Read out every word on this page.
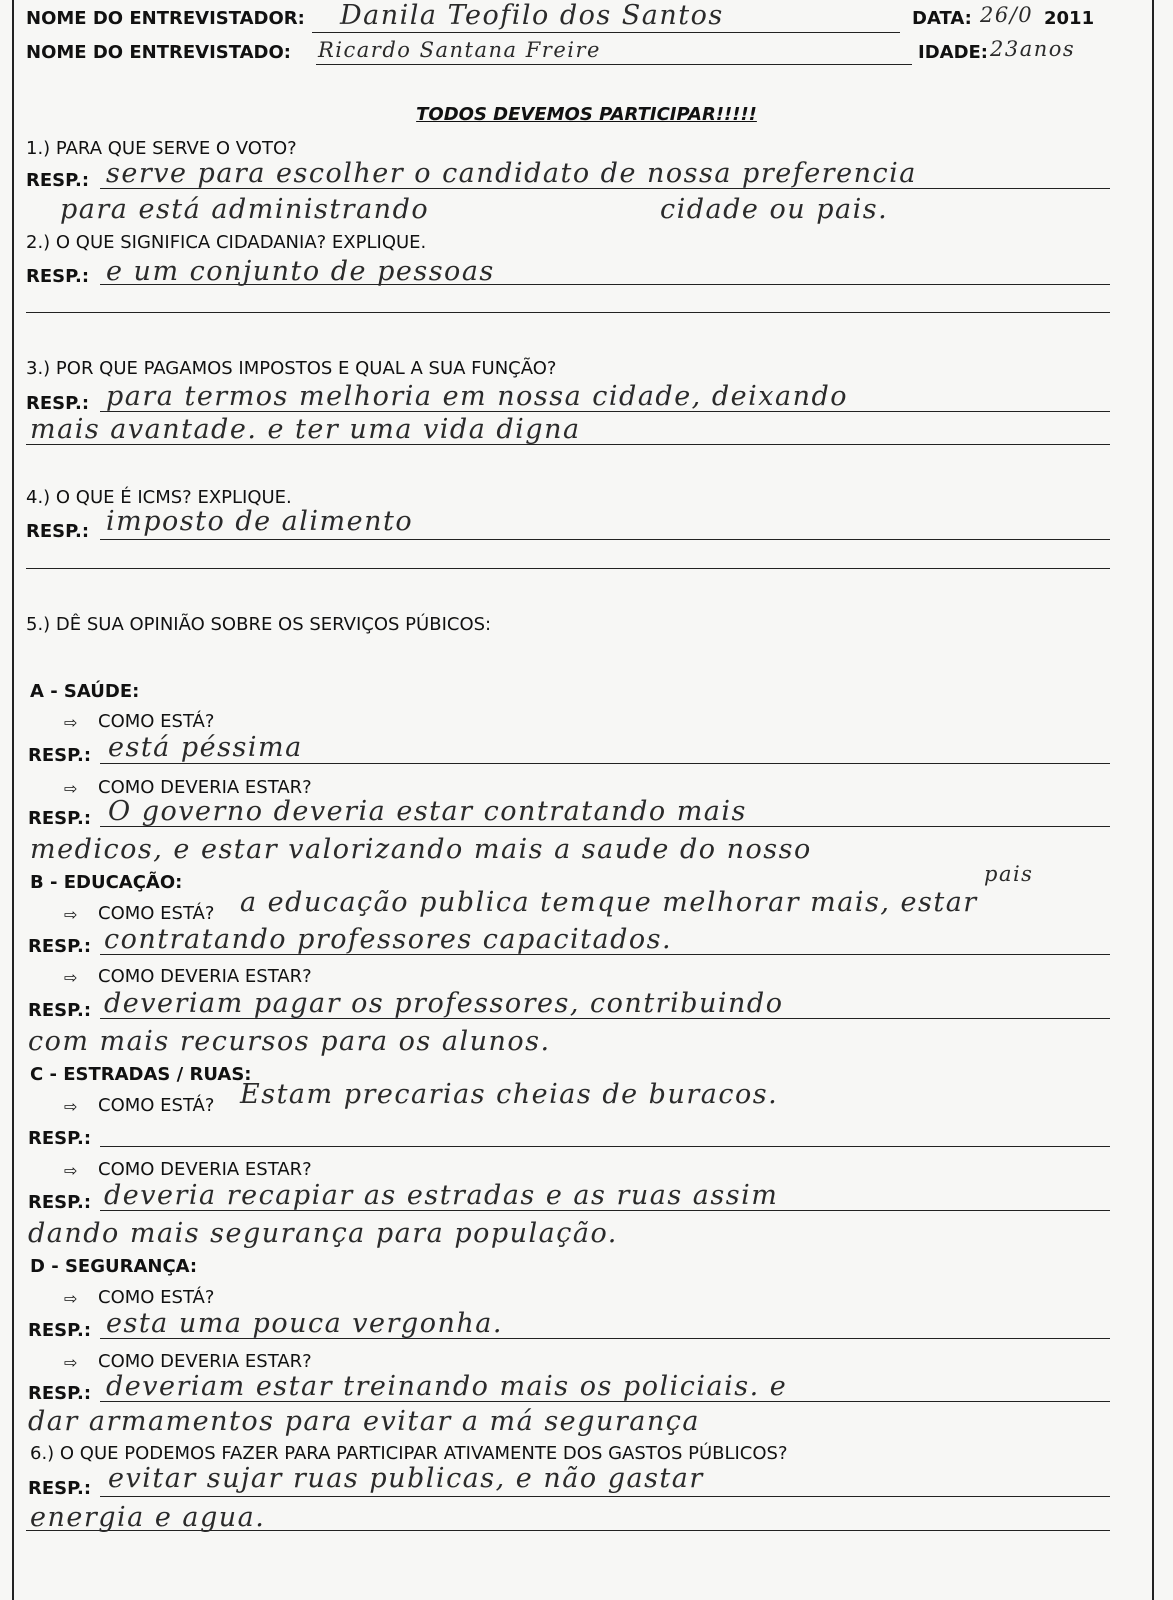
NOME DO ENTREVISTADOR: Danila Teofilo dos Santos	DATA: 26/0 2011
NOME DO ENTREVISTADO: Ricardo Santana Freire	IDADE: 23anos
TODOS DEVEMOS PARTICIPAR!!!!!
1.) PARA QUE SERVE O VOTO?
RESP.: serve para escolher o candidato de nossa preferencia
para está administrando	cidade ou pais.
2.) O QUE SIGNIFICA CIDADANIA? EXPLIQUE.
RESP.: e um conjunto de pessoas
3.) POR QUE PAGAMOS IMPOSTOS E QUAL A SUA FUNÇÃO?
RESP.: para termos melhoria em nossa cidade, deixando
mais avantade. e ter uma vida digna
4.) O QUE É ICMS? EXPLIQUE.
RESP.: imposto de alimento
5.) DÊ SUA OPINIÃO SOBRE OS SERVIÇOS PÚBICOS:
A - SAÚDE:
⇨ COMO ESTÁ?
RESP.: está péssima
⇨ COMO DEVERIA ESTAR?
RESP.: O governo deveria estar contratando mais
medicos, e estar valorizando mais a saude do nosso
B - EDUCAÇÃO:	pais
⇨ COMO ESTÁ? a educação publica temque melhorar mais, estar
RESP.: contratando professores capacitados.
⇨ COMO DEVERIA ESTAR?
RESP.: deveriam pagar os professores, contribuindo
com mais recursos para os alunos.
C - ESTRADAS / RUAS:
⇨ COMO ESTÁ? Estam precarias cheias de buracos.
RESP.:
⇨ COMO DEVERIA ESTAR?
RESP.: deveria recapiar as estradas e as ruas assim
dando mais segurança para população.
D - SEGURANÇA:
⇨ COMO ESTÁ?
RESP.: esta uma pouca vergonha.
⇨ COMO DEVERIA ESTAR?
RESP.: deveriam estar treinando mais os policiais. e
dar armamentos para evitar a má segurança
6.) O QUE PODEMOS FAZER PARA PARTICIPAR ATIVAMENTE DOS GASTOS PÚBLICOS?
RESP.: evitar sujar ruas publicas, e não gastar
energia e agua.
